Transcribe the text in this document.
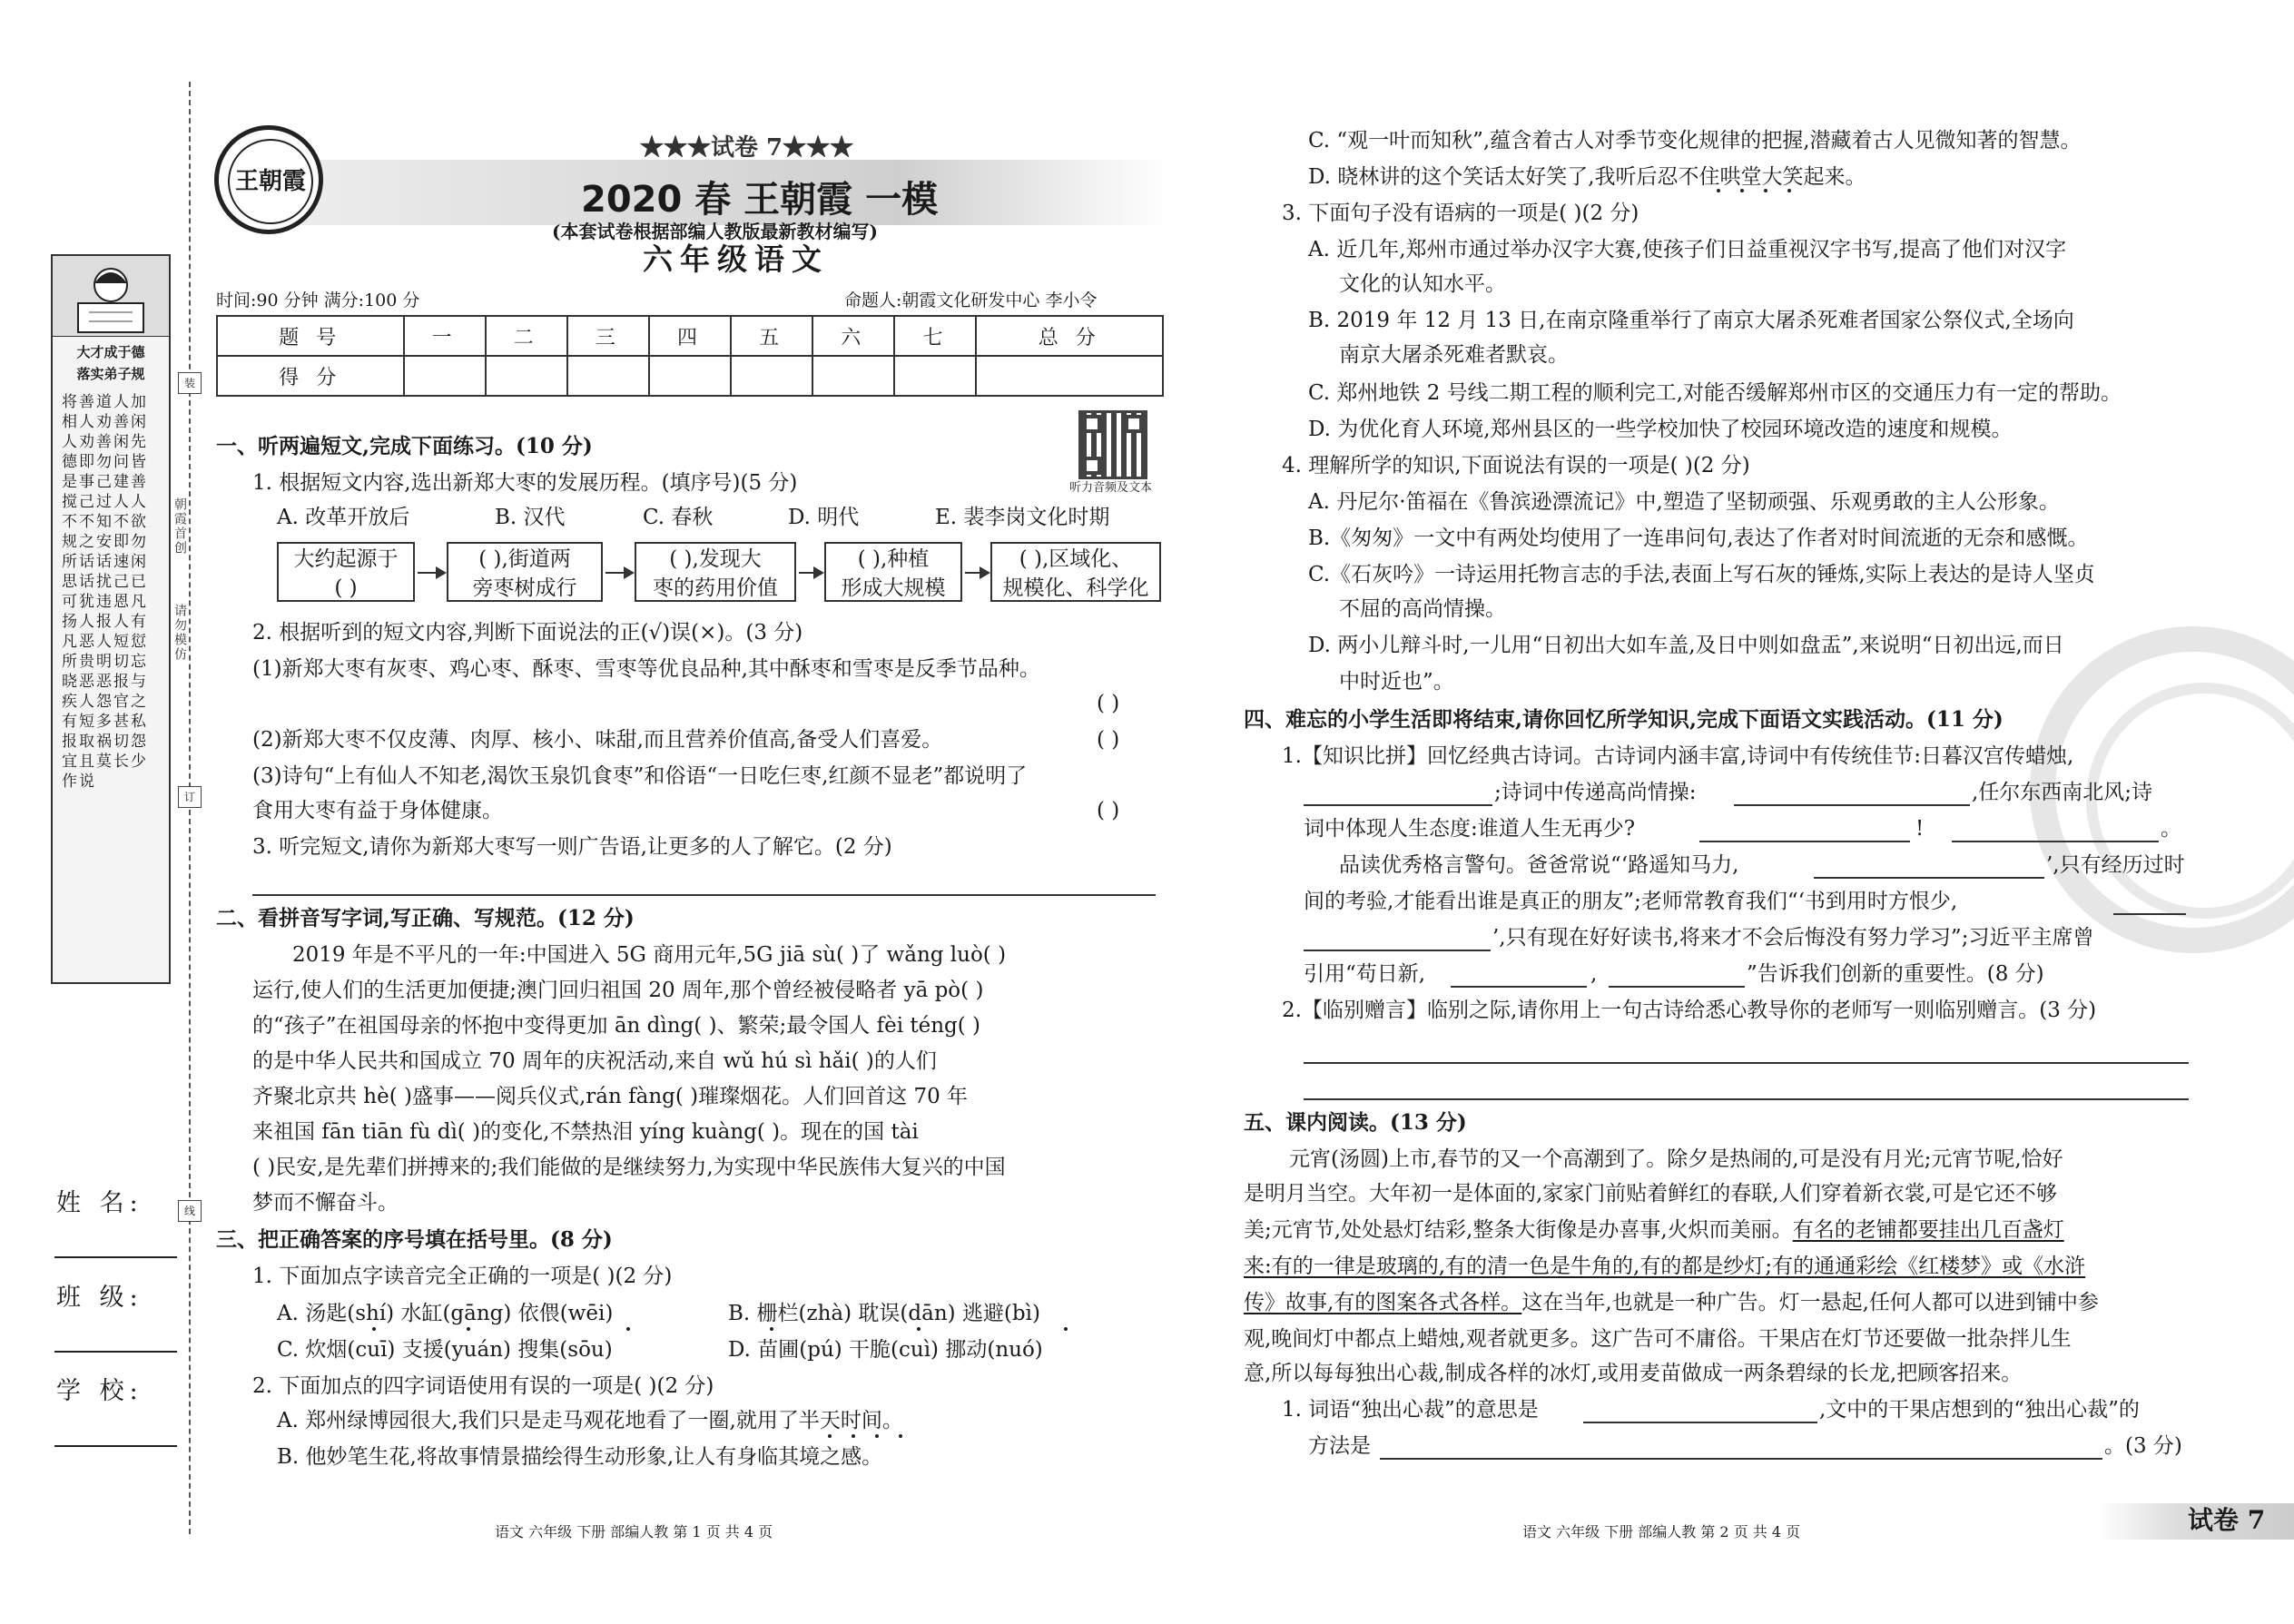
大才成于德
落实弟子规
将善道人加相人劝善闲人劝善闲先德即勿问皆是事己建善搅己过人人不不知不欲规之安即勿所话话速闲思话扰己已可犹违恩凡扬人报人有凡恶人短愆所贵明切忘晓恶恶报与疾人怨官之有短多甚私报取祸切怨宜且莫长少作说
朝霞首创
请勿模仿
装
订
线
姓 名:
班 级:
学 校:
王朝霞
★★★试卷 7★★★
2020 春 王朝霞 一模
(本套试卷根据部编人教版最新教材编写)
六年级语文
时间:90 分钟 满分:100 分	命题人:朝霞文化研发中心 李小令
题 号	一	二	三	四	五	六	七	总 分
得 分								
听力音频及文本
一、听两遍短文,完成下面练习。(10 分)
1. 根据短文内容,选出新郑大枣的发展历程。(填序号)(5 分)
A. 改革开放后	B. 汉代	C. 春秋	D. 明代	E. 裴李岗文化时期
大约起源于
( )
( ),街道两
旁枣树成行
( ),发现大
枣的药用价值
( ),种植
形成大规模
( ),区域化、
规模化、科学化
2. 根据听到的短文内容,判断下面说法的正(√)误(×)。(3 分)
(1)新郑大枣有灰枣、鸡心枣、酥枣、雪枣等优良品种,其中酥枣和雪枣是反季节品种。
( )
(2)新郑大枣不仅皮薄、肉厚、核小、味甜,而且营养价值高,备受人们喜爱。	( )
(3)诗句“上有仙人不知老,渴饮玉泉饥食枣”和俗语“一日吃仨枣,红颜不显老”都说明了
食用大枣有益于身体健康。	( )
3. 听完短文,请你为新郑大枣写一则广告语,让更多的人了解它。(2 分)
二、看拼音写字词,写正确、写规范。(12 分)
2019 年是不平凡的一年:中国进入 5G 商用元年,5G jiā sù( )了 wǎng luò( )
运行,使人们的生活更加便捷;澳门回归祖国 20 周年,那个曾经被侵略者 yā pò( )
的“孩子”在祖国母亲的怀抱中变得更加 ān dìng( )、繁荣;最令国人 fèi téng( )
的是中华人民共和国成立 70 周年的庆祝活动,来自 wǔ hú sì hǎi( )的人们
齐聚北京共 hè( )盛事——阅兵仪式,rán fàng( )璀璨烟花。人们回首这 70 年
来祖国 fān tiān fù dì( )的变化,不禁热泪 yíng kuàng( )。现在的国 tài
( )民安,是先辈们拼搏来的;我们能做的是继续努力,为实现中华民族伟大复兴的中国
梦而不懈奋斗。
三、把正确答案的序号填在括号里。(8 分)
1. 下面加点字读音完全正确的一项是( )(2 分)
A. 汤匙(shí) 水缸(gāng) 依偎(wēi)	B. 栅栏(zhà) 耽误(dān) 逃避(bì)
C. 炊烟(cuī) 支援(yuán) 搜集(sōu)	D. 苗圃(pú) 干脆(cuì) 挪动(nuó)
2. 下面加点的四字词语使用有误的一项是( )(2 分)
A. 郑州绿博园很大,我们只是走马观花地看了一圈,就用了半天时间。
B. 他妙笔生花,将故事情景描绘得生动形象,让人有身临其境之感。
语文 六年级 下册 部编人教 第 1 页 共 4 页
C. “观一叶而知秋”,蕴含着古人对季节变化规律的把握,潜藏着古人见微知著的智慧。
D. 晓林讲的这个笑话太好笑了,我听后忍不住哄堂大笑起来。
3. 下面句子没有语病的一项是( )(2 分)
A. 近几年,郑州市通过举办汉字大赛,使孩子们日益重视汉字书写,提高了他们对汉字
文化的认知水平。
B. 2019 年 12 月 13 日,在南京隆重举行了南京大屠杀死难者国家公祭仪式,全场向
南京大屠杀死难者默哀。
C. 郑州地铁 2 号线二期工程的顺利完工,对能否缓解郑州市区的交通压力有一定的帮助。
D. 为优化育人环境,郑州县区的一些学校加快了校园环境改造的速度和规模。
4. 理解所学的知识,下面说法有误的一项是( )(2 分)
A. 丹尼尔·笛福在《鲁滨逊漂流记》中,塑造了坚韧顽强、乐观勇敢的主人公形象。
B.《匆匆》一文中有两处均使用了一连串问句,表达了作者对时间流逝的无奈和感慨。
C.《石灰吟》一诗运用托物言志的手法,表面上写石灰的锤炼,实际上表达的是诗人坚贞
不屈的高尚情操。
D. 两小儿辩斗时,一儿用“日初出大如车盖,及日中则如盘盂”,来说明“日初出远,而日
中时近也”。
四、难忘的小学生活即将结束,请你回忆所学知识,完成下面语文实践活动。(11 分)
1.【知识比拼】回忆经典古诗词。古诗词内涵丰富,诗词中有传统佳节:日暮汉宫传蜡烛,
;诗词中传递高尚情操:	,任尔东西南北风;诗
词中体现人生态度:谁道人生无再少?	!	。
品读优秀格言警句。爸爸常说“‘路遥知马力,	’,只有经历过时
间的考验,才能看出谁是真正的朋友”;老师常教育我们“‘书到用时方恨少,
’,只有现在好好读书,将来才不会后悔没有努力学习”;习近平主席曾
引用“苟日新,	,	”告诉我们创新的重要性。(8 分)
2.【临别赠言】临别之际,请你用上一句古诗给悉心教导你的老师写一则临别赠言。(3 分)
五、课内阅读。(13 分)
元宵(汤圆)上市,春节的又一个高潮到了。除夕是热闹的,可是没有月光;元宵节呢,恰好
是明月当空。大年初一是体面的,家家门前贴着鲜红的春联,人们穿着新衣裳,可是它还不够
美;元宵节,处处悬灯结彩,整条大街像是办喜事,火炽而美丽。有名的老铺都要挂出几百盏灯
来:有的一律是玻璃的,有的清一色是牛角的,有的都是纱灯;有的通通彩绘《红楼梦》或《水浒
传》故事,有的图案各式各样。这在当年,也就是一种广告。灯一悬起,任何人都可以进到铺中参
观,晚间灯中都点上蜡烛,观者就更多。这广告可不庸俗。干果店在灯节还要做一批杂拌儿生
意,所以每每独出心裁,制成各样的冰灯,或用麦苗做成一两条碧绿的长龙,把顾客招来。
1. 词语“独出心裁”的意思是	,文中的干果店想到的“独出心裁”的
方法是	。(3 分)
语文 六年级 下册 部编人教 第 2 页 共 4 页	试卷 7
